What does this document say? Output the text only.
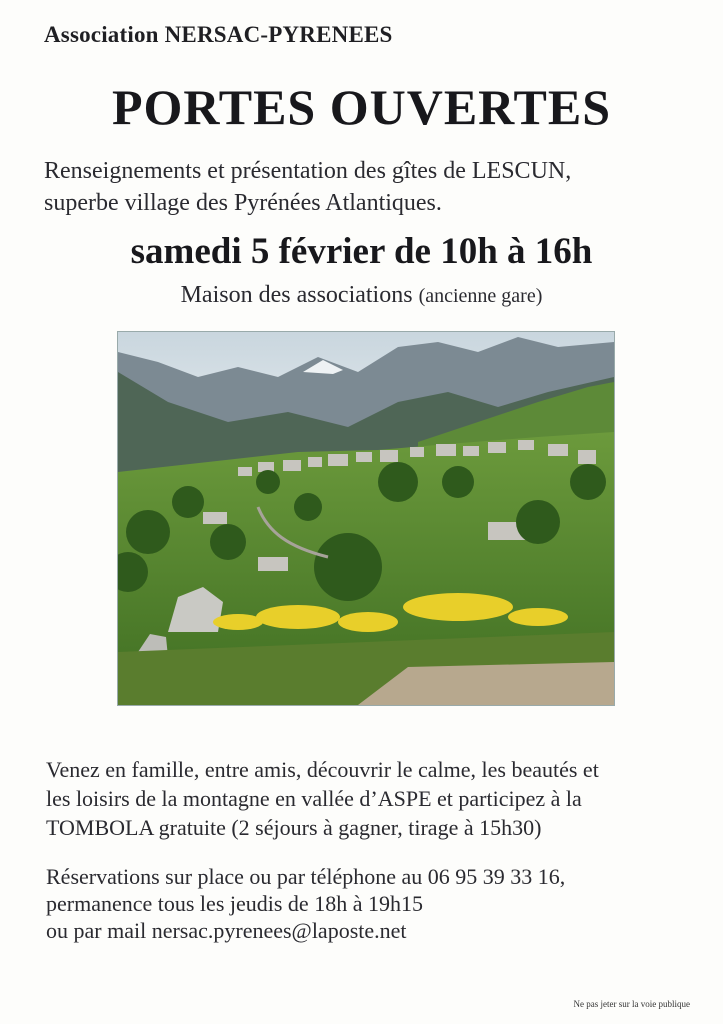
Association NERSAC-PYRENEES
PORTES OUVERTES
Renseignements et présentation des gîtes de LESCUN,
superbe village des Pyrénées Atlantiques.
samedi 5 février de 10h à 16h
Maison des associations (ancienne gare)
Venez en famille, entre amis, découvrir le calme, les beautés et
les loisirs de la montagne en vallée d’ASPE et participez à la
TOMBOLA gratuite (2 séjours à gagner, tirage à 15h30)
Réservations sur place ou par téléphone au 06 95 39 33 16,
permanence tous les jeudis de 18h à 19h15
ou par mail nersac.pyrenees@laposte.net
Ne pas jeter sur la voie publique
